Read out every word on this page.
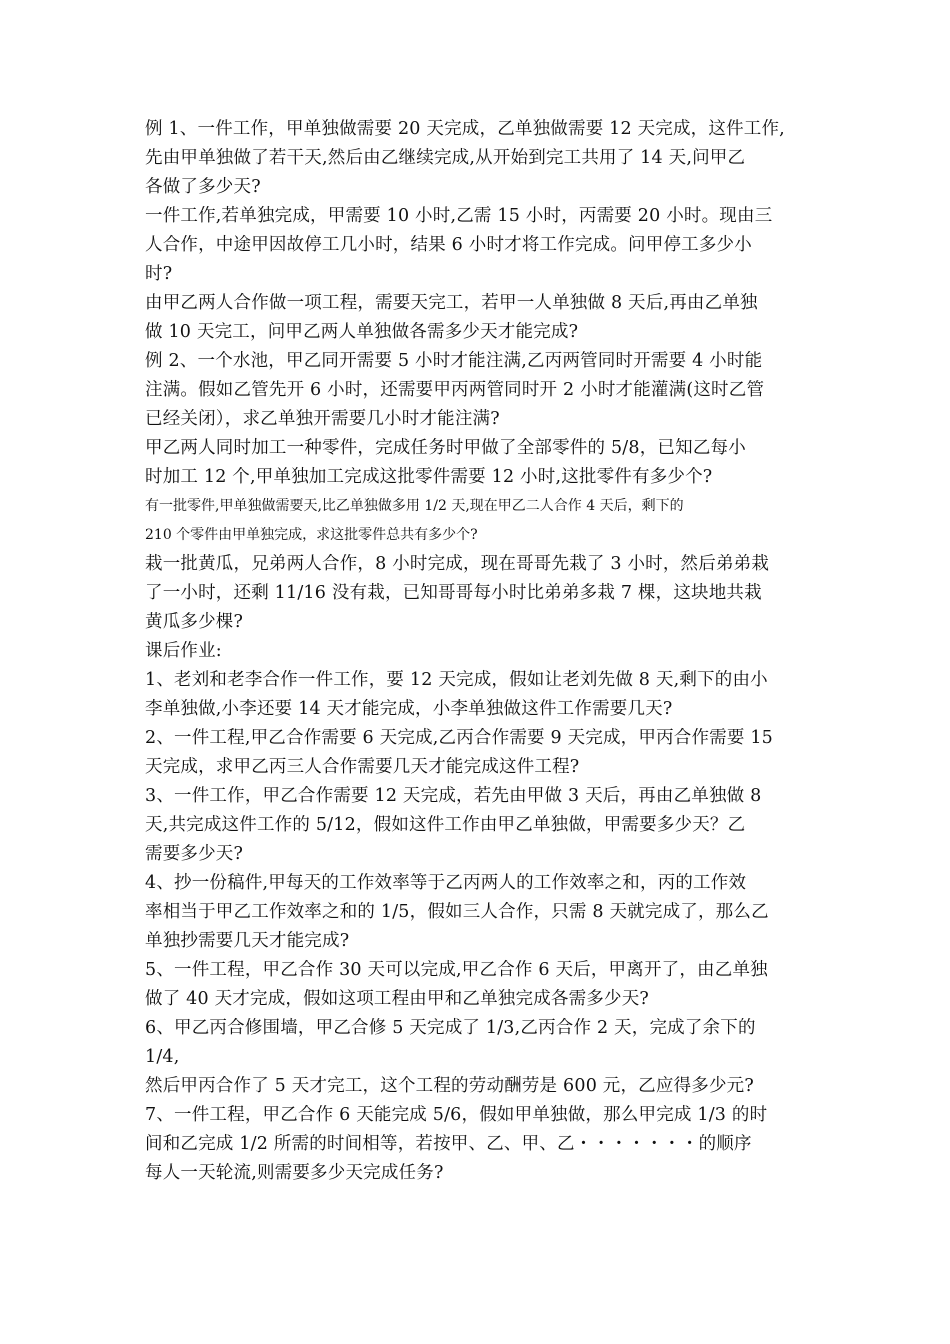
例 1、一件工作，甲单独做需要 20 天完成，乙单独做需要 12 天完成，这件工作,
先由甲单独做了若干天,然后由乙继续完成,从开始到完工共用了 14 天,问甲乙
各做了多少天?
一件工作,若单独完成，甲需要 10 小时,乙需 15 小时，丙需要 20 小时。现由三
人合作，中途甲因故停工几小时，结果 6 小时才将工作完成。问甲停工多少小
时?
由甲乙两人合作做一项工程，需要天完工，若甲一人单独做 8 天后,再由乙单独
做 10 天完工，问甲乙两人单独做各需多少天才能完成?
例 2、一个水池，甲乙同开需要 5 小时才能注满,乙丙两管同时开需要 4 小时能
注满。假如乙管先开 6 小时，还需要甲丙两管同时开 2 小时才能灌满(这时乙管
已经关闭），求乙单独开需要几小时才能注满?
甲乙两人同时加工一种零件，完成任务时甲做了全部零件的 5/8，已知乙每小
时加工 12 个,甲单独加工完成这批零件需要 12 小时,这批零件有多少个?
有一批零件,甲单独做需要天,比乙单独做多用 1/2 天,现在甲乙二人合作 4 天后，剩下的
210 个零件由甲单独完成，求这批零件总共有多少个?
栽一批黄瓜，兄弟两人合作，8 小时完成，现在哥哥先栽了 3 小时，然后弟弟栽
了一小时，还剩 11/16 没有栽，已知哥哥每小时比弟弟多栽 7 棵，这块地共栽
黄瓜多少棵?
课后作业:
1、老刘和老李合作一件工作，要 12 天完成，假如让老刘先做 8 天,剩下的由小
李单独做,小李还要 14 天才能完成，小李单独做这件工作需要几天?
2、一件工程,甲乙合作需要 6 天完成,乙丙合作需要 9 天完成，甲丙合作需要 15
天完成，求甲乙丙三人合作需要几天才能完成这件工程?
3、一件工作，甲乙合作需要 12 天完成，若先由甲做 3 天后，再由乙单独做 8
天,共完成这件工作的 5/12，假如这件工作由甲乙单独做，甲需要多少天？乙
需要多少天?
4、抄一份稿件,甲每天的工作效率等于乙丙两人的工作效率之和，丙的工作效
率相当于甲乙工作效率之和的 1/5，假如三人合作，只需 8 天就完成了，那么乙
单独抄需要几天才能完成?
5、一件工程，甲乙合作 30 天可以完成,甲乙合作 6 天后，甲离开了，由乙单独
做了 40 天才完成，假如这项工程由甲和乙单独完成各需多少天?
6、甲乙丙合修围墙，甲乙合修 5 天完成了 1/3,乙丙合作 2 天，完成了余下的
1/4,
然后甲丙合作了 5 天才完工，这个工程的劳动酬劳是 600 元，乙应得多少元?
7、一件工程，甲乙合作 6 天能完成 5/6，假如甲单独做，那么甲完成 1/3 的时
间和乙完成 1/2 所需的时间相等，若按甲、乙、甲、乙・・・・・・・的顺序
每人一天轮流,则需要多少天完成任务?
